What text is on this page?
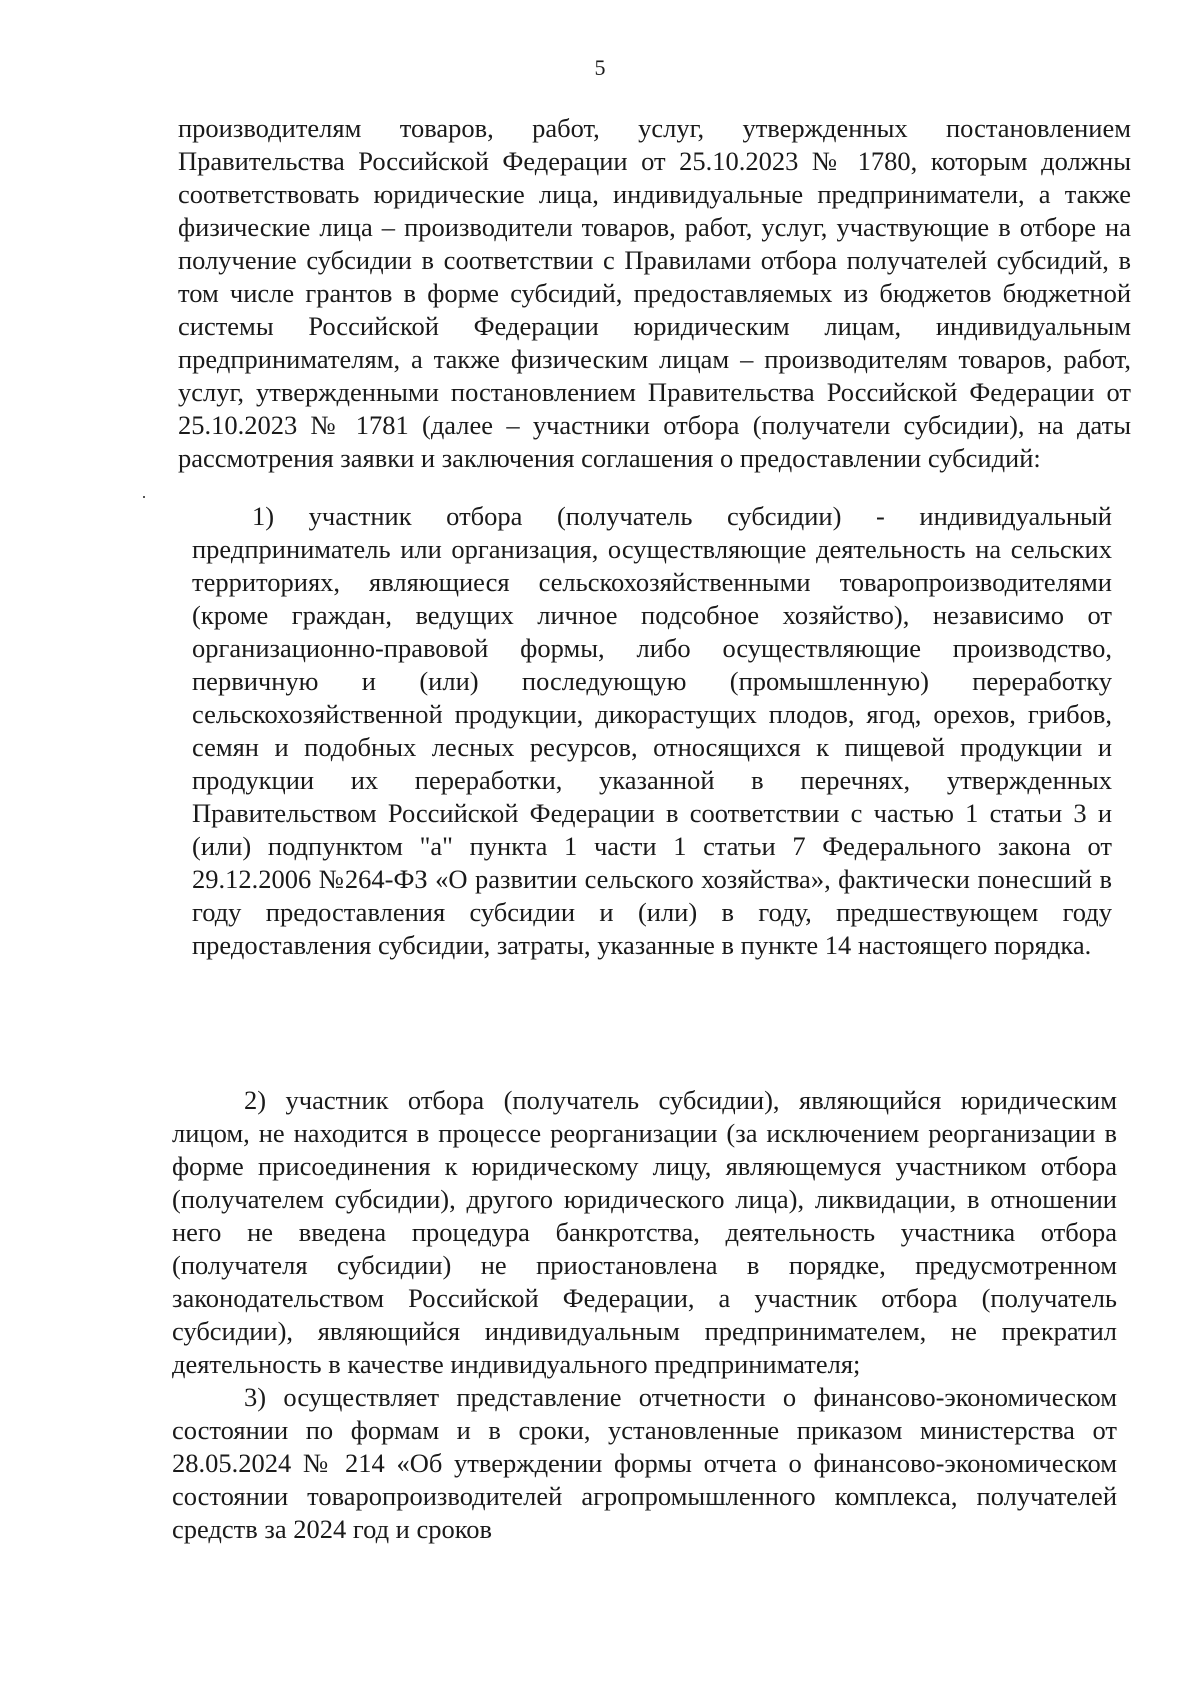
5

производителям товаров, работ, услуг, утвержденных постановлением Правительства Российской Федерации от 25.10.2023 № 1780, которым должны соответствовать юридические лица, индивидуальные предприниматели, а также физические лица – производители товаров, работ, услуг, участвующие в отборе на получение субсидии в соответствии с Правилами отбора получателей субсидий, в том числе грантов в форме субсидий, предоставляемых из бюджетов бюджетной системы Российской Федерации юридическим лицам, индивидуальным предпринимателям, а также физическим лицам – производителям товаров, работ, услуг, утвержденными постановлением Правительства Российской Федерации от 25.10.2023 № 1781 (далее – участники отбора (получатели субсидии), на даты рассмотрения заявки и заключения соглашения о предоставлении субсидий:

1) участник отбора (получатель субсидии) - индивидуальный предприниматель или организация, осуществляющие деятельность на сельских территориях, являющиеся сельскохозяйственными товаропроизводителями (кроме граждан, ведущих личное подсобное хозяйство), независимо от организационно-правовой формы, либо осуществляющие производство, первичную и (или) последующую (промышленную) переработку сельскохозяйственной продукции, дикорастущих плодов, ягод, орехов, грибов, семян и подобных лесных ресурсов, относящихся к пищевой продукции и продукции их переработки, указанной в перечнях, утвержденных Правительством Российской Федерации в соответствии с частью 1 статьи 3 и (или) подпунктом "а" пункта 1 части 1 статьи 7 Федерального закона от 29.12.2006 №264-ФЗ «О развитии сельского хозяйства», фактически понесший в году предоставления субсидии и (или) в году, предшествующем году предоставления субсидии, затраты, указанные в пункте 14 настоящего порядка.

2) участник отбора (получатель субсидии), являющийся юридическим лицом, не находится в процессе реорганизации (за исключением реорганизации в форме присоединения к юридическому лицу, являющемуся участником отбора (получателем субсидии), другого юридического лица), ликвидации, в отношении него не введена процедура банкротства, деятельность участника отбора (получателя субсидии) не приостановлена в порядке, предусмотренном законодательством Российской Федерации, а участник отбора (получатель субсидии), являющийся индивидуальным предпринимателем, не прекратил деятельность в качестве индивидуального предпринимателя;

3) осуществляет представление отчетности о финансово-экономическом состоянии по формам и в сроки, установленные приказом министерства от 28.05.2024 № 214 «Об утверждении формы отчета о финансово-экономическом состоянии товаропроизводителей агропромышленного комплекса, получателей средств за 2024 год и сроков
